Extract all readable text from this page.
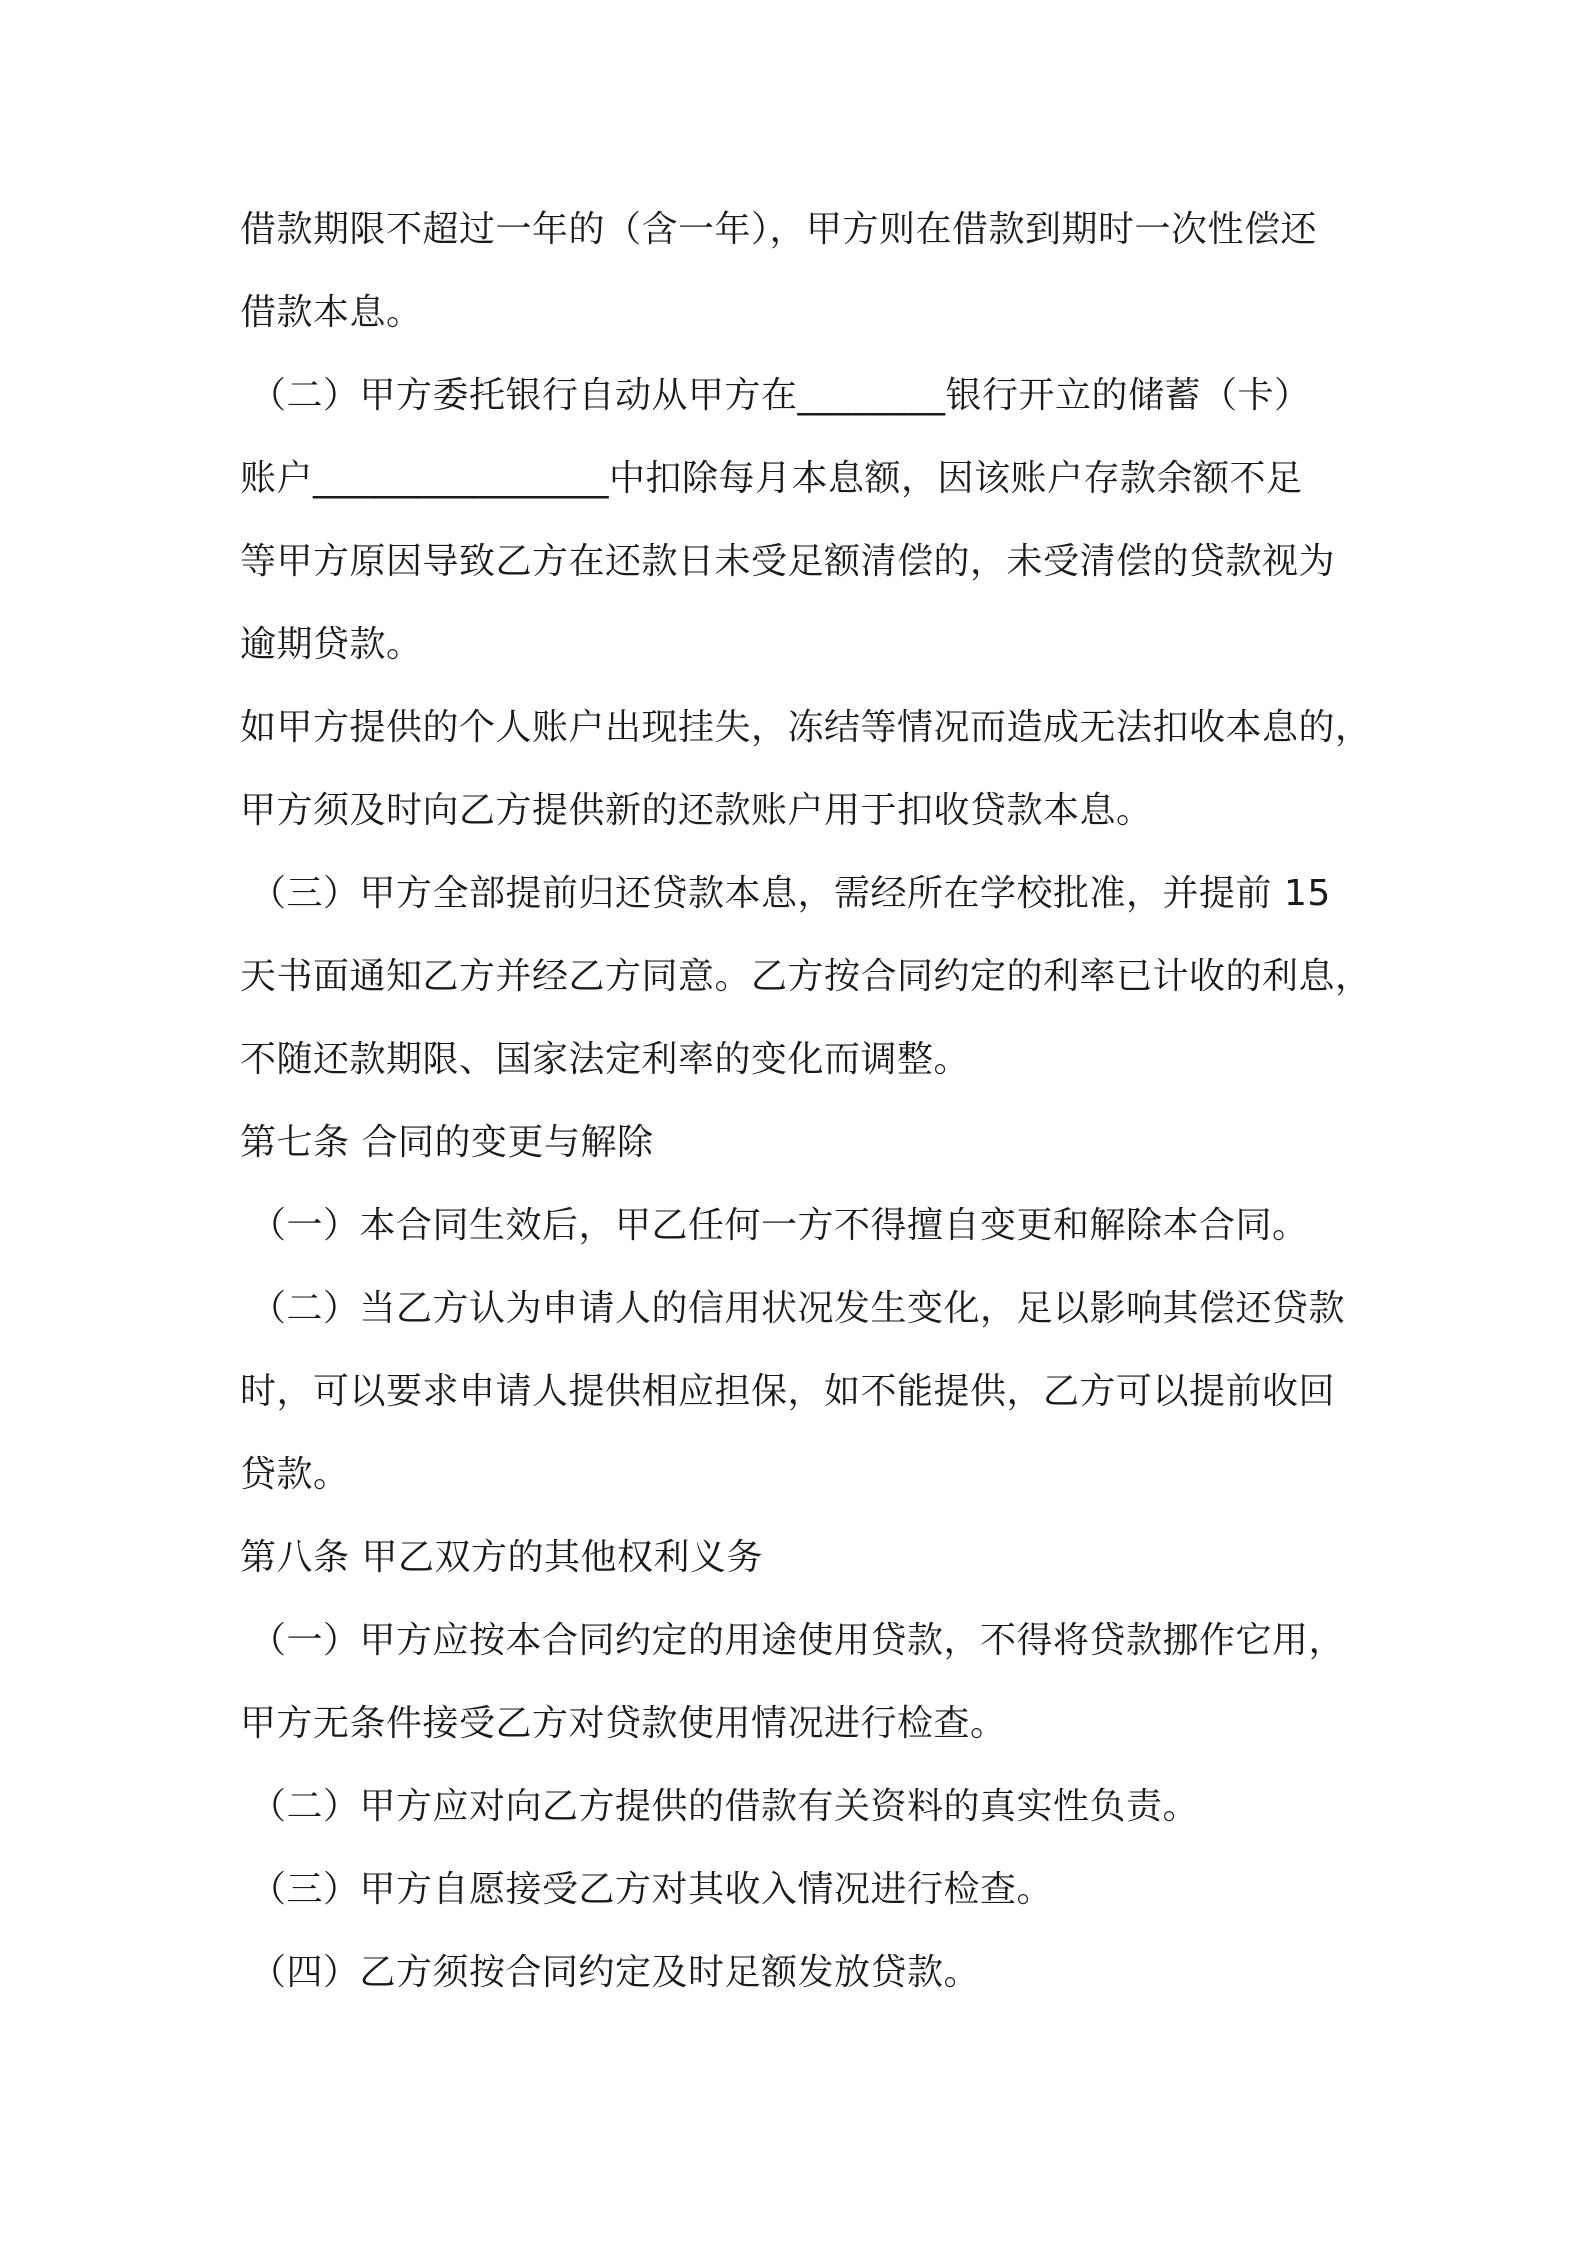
借款期限不超过一年的（含一年），甲方则在借款到期时一次性偿还
借款本息。
（二）甲方委托银行自动从甲方在________银行开立的储蓄（卡）
账户________________中扣除每月本息额，因该账户存款余额不足
等甲方原因导致乙方在还款日未受足额清偿的，未受清偿的贷款视为
逾期贷款。
如甲方提供的个人账户出现挂失，冻结等情况而造成无法扣收本息的，
甲方须及时向乙方提供新的还款账户用于扣收贷款本息。
（三）甲方全部提前归还贷款本息，需经所在学校批准，并提前 15
天书面通知乙方并经乙方同意。乙方按合同约定的利率已计收的利息，
不随还款期限、国家法定利率的变化而调整。
第七条 合同的变更与解除
（一）本合同生效后，甲乙任何一方不得擅自变更和解除本合同。
（二）当乙方认为申请人的信用状况发生变化，足以影响其偿还贷款
时，可以要求申请人提供相应担保，如不能提供，乙方可以提前收回
贷款。
第八条 甲乙双方的其他权利义务
（一）甲方应按本合同约定的用途使用贷款，不得将贷款挪作它用，
甲方无条件接受乙方对贷款使用情况进行检查。
（二）甲方应对向乙方提供的借款有关资料的真实性负责。
（三）甲方自愿接受乙方对其收入情况进行检查。
（四）乙方须按合同约定及时足额发放贷款。
